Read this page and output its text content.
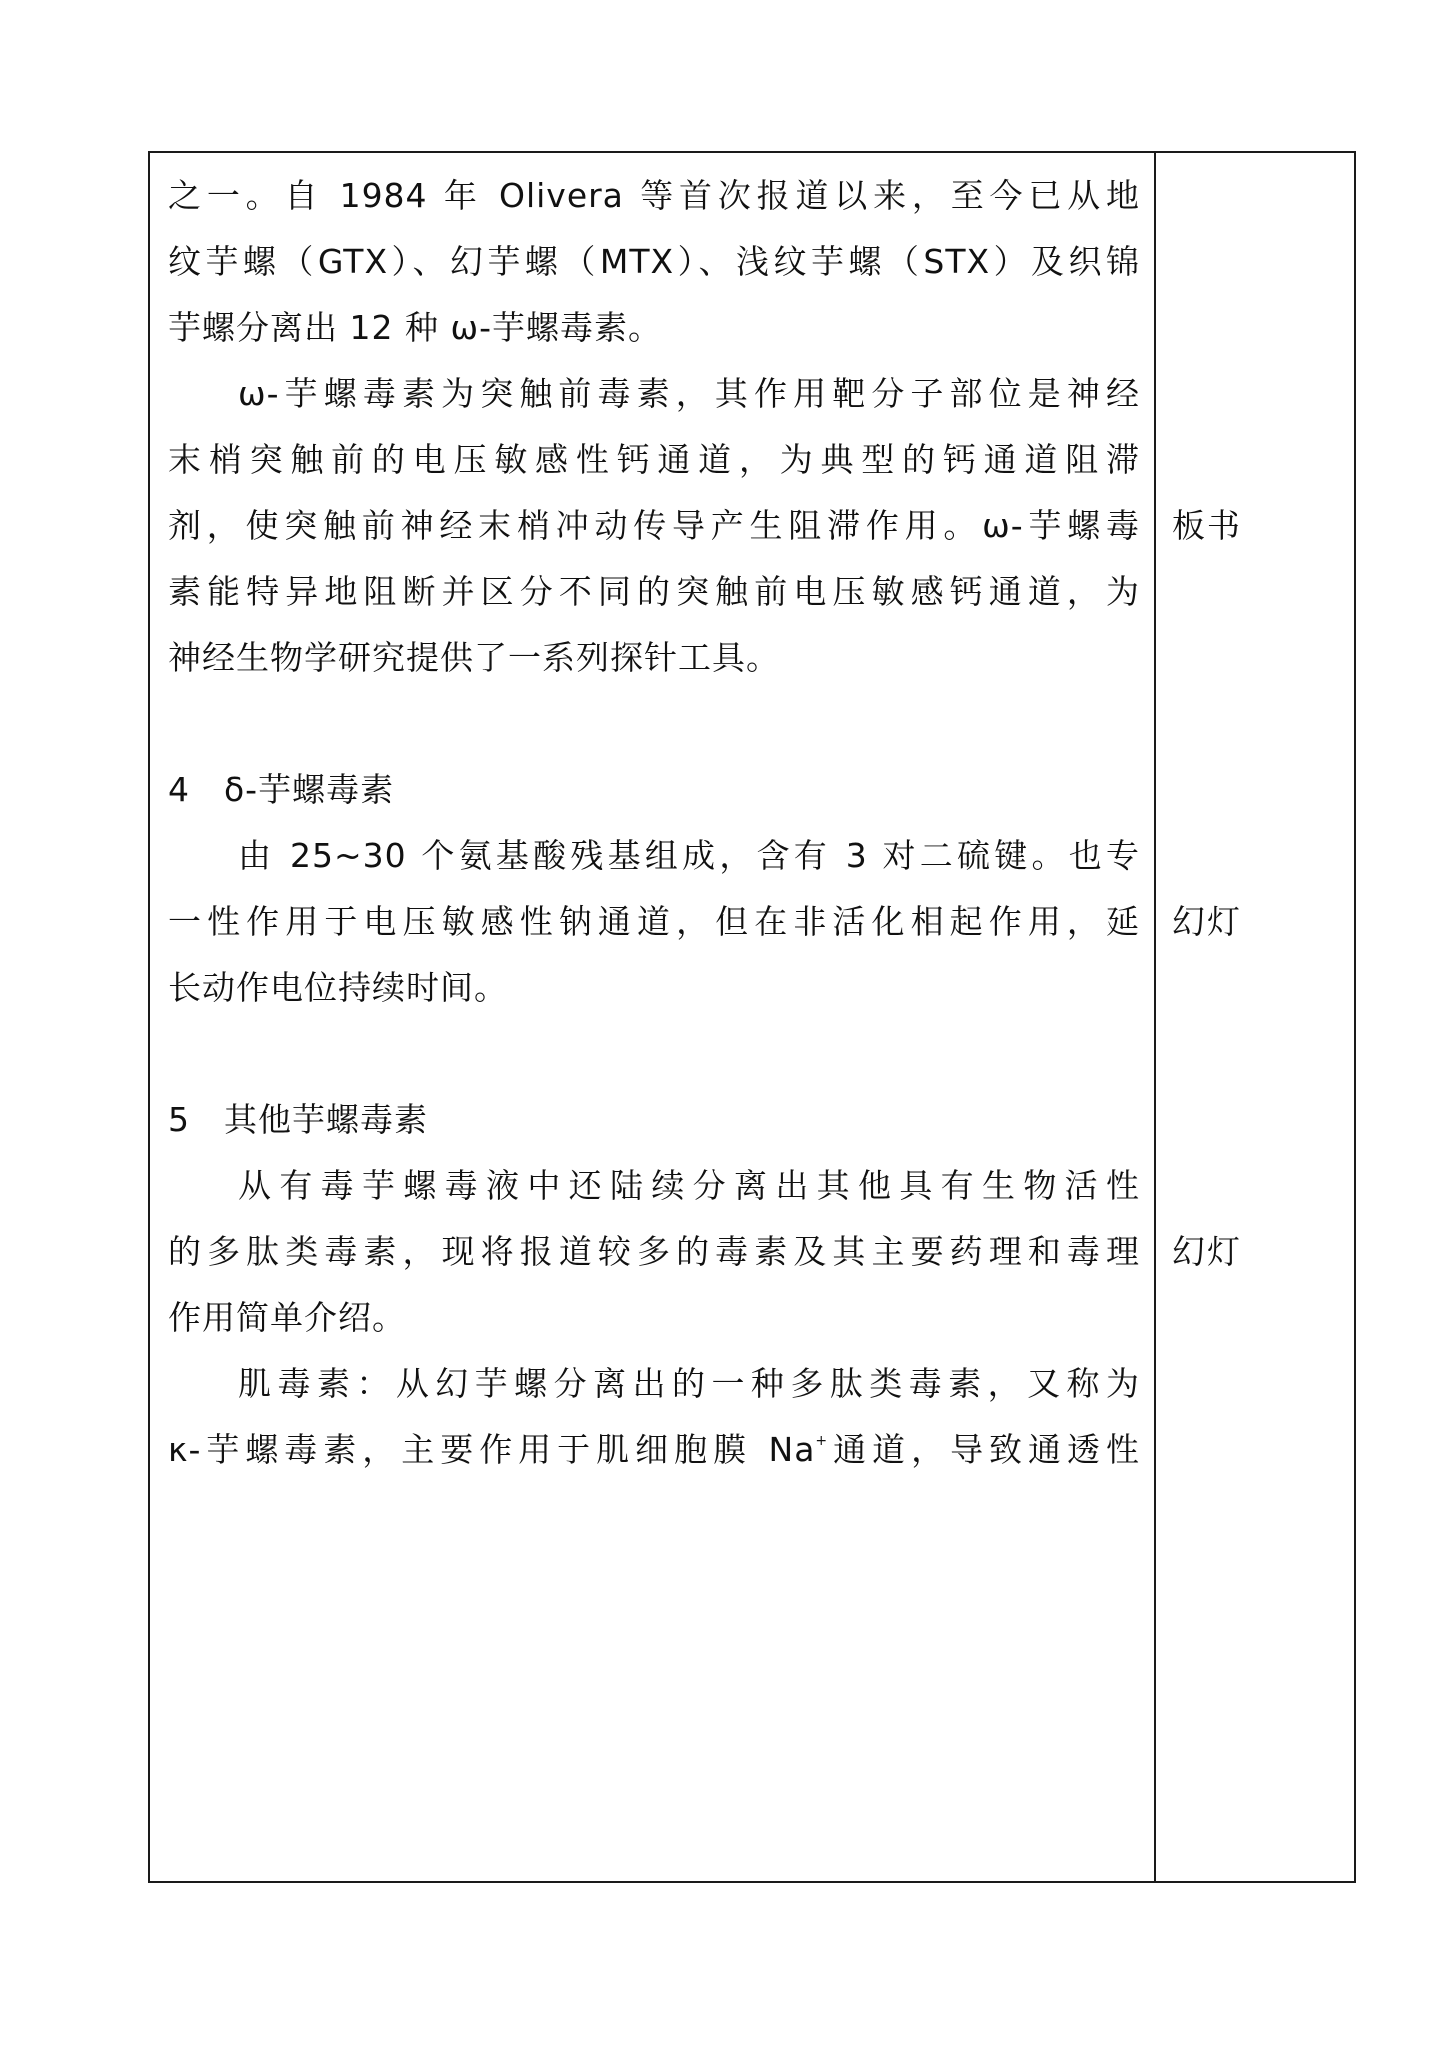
之一。自 1984 年 Olivera 等首次报道以来，至今已从地
纹芋螺（GTX）、幻芋螺（MTX）、浅纹芋螺（STX）及织锦
芋螺分离出 12 种 ω-芋螺毒素。
ω-芋螺毒素为突触前毒素，其作用靶分子部位是神经
末梢突触前的电压敏感性钙通道，为典型的钙通道阻滞
剂，使突触前神经末梢冲动传导产生阻滞作用。ω-芋螺毒
素能特异地阻断并区分不同的突触前电压敏感钙通道，为
神经生物学研究提供了一系列探针工具。
4　δ-芋螺毒素
由 25~30 个氨基酸残基组成，含有 3 对二硫键。也专
一性作用于电压敏感性钠通道，但在非活化相起作用，延
长动作电位持续时间。
5　其他芋螺毒素
从有毒芋螺毒液中还陆续分离出其他具有生物活性
的多肽类毒素，现将报道较多的毒素及其主要药理和毒理
作用简单介绍。
肌毒素：从幻芋螺分离出的一种多肽类毒素，又称为
κ-芋螺毒素，主要作用于肌细胞膜 Na+通道，导致通透性
板书
幻灯
幻灯
